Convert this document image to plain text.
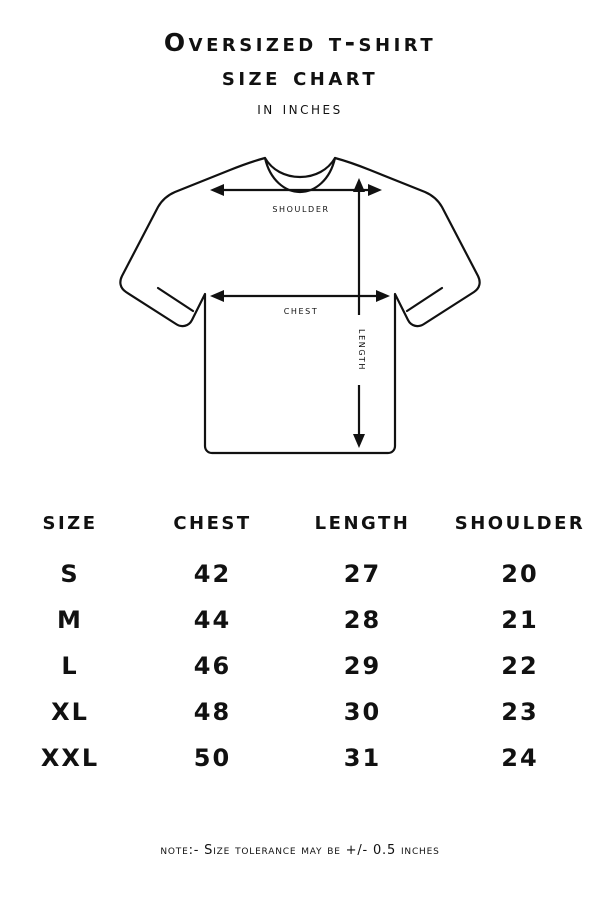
Oversized t-shirt
size chart
in inches
shoulder
chest
length
size	chest	length	shoulder
S	42	27	20
M	44	28	21
L	46	29	22
XL	48	30	23
XXL	50	31	24
note:- Size tolerance may be +/- 0.5 inches
